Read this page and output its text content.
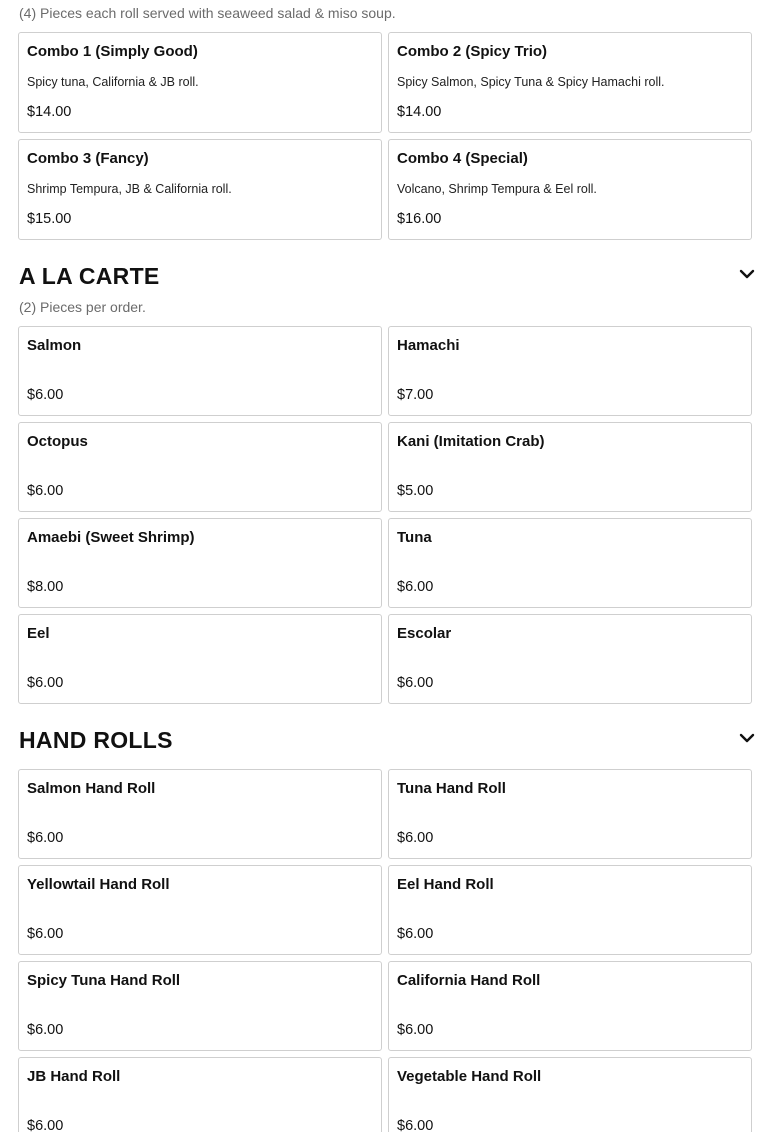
(4) Pieces each roll served with seaweed salad & miso soup.
Combo 1 (Simply Good)
Spicy tuna, California & JB roll.
$14.00
Combo 2 (Spicy Trio)
Spicy Salmon, Spicy Tuna & Spicy Hamachi roll.
$14.00
Combo 3 (Fancy)
Shrimp Tempura, JB & California roll.
$15.00
Combo 4 (Special)
Volcano, Shrimp Tempura & Eel roll.
$16.00
A LA CARTE
(2) Pieces per order.
Salmon
$6.00
Hamachi
$7.00
Octopus
$6.00
Kani (Imitation Crab)
$5.00
Amaebi (Sweet Shrimp)
$8.00
Tuna
$6.00
Eel
$6.00
Escolar
$6.00
HAND ROLLS
Salmon Hand Roll
$6.00
Tuna Hand Roll
$6.00
Yellowtail Hand Roll
$6.00
Eel Hand Roll
$6.00
Spicy Tuna Hand Roll
$6.00
California Hand Roll
$6.00
JB Hand Roll
$6.00
Vegetable Hand Roll
$6.00
